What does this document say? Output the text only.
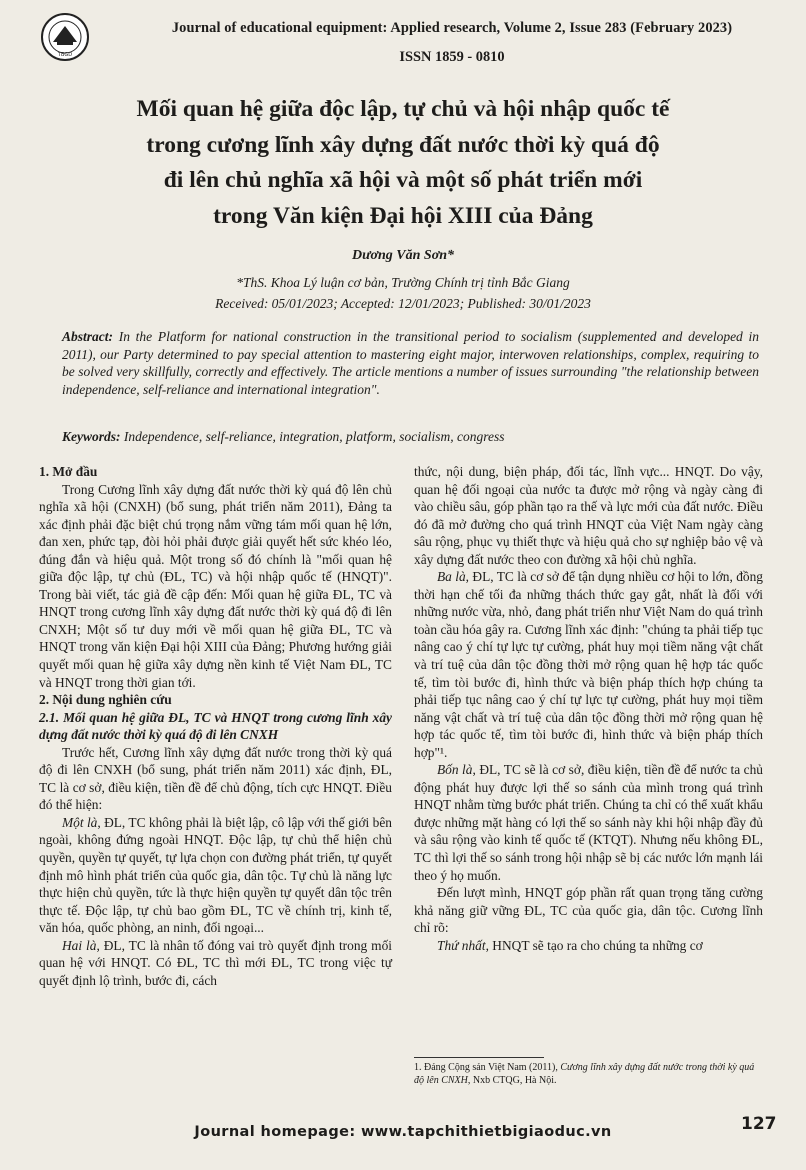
TBGD
Journal of educational equipment: Applied research, Volume 2, Issue 283 (February 2023)
ISSN 1859 - 0810
Mối quan hệ giữa độc lập, tự chủ và hội nhập quốc tế
trong cương lĩnh xây dựng đất nước thời kỳ quá độ
đi lên chủ nghĩa xã hội và một số phát triển mới
trong Văn kiện Đại hội XIII của Đảng
Dương Văn Sơn*
*ThS. Khoa Lý luận cơ bản, Trường Chính trị tỉnh Bắc Giang
Received: 05/01/2023; Accepted: 12/01/2023; Published: 30/01/2023

Abstract: In the Platform for national construction in the transitional period to socialism (supplemented and developed in 2011), our Party determined to pay special attention to mastering eight major, interwoven relationships, complex, requiring to be solved very skillfully, correctly and effectively. The article mentions a number of issues surrounding "the relationship between independence, self-reliance and international integration".

Keywords: Independence, self-reliance, integration, platform, socialism, congress

1. Mở đầu

Trong Cương lĩnh xây dựng đất nước thời kỳ quá độ lên chủ nghĩa xã hội (CNXH) (bổ sung, phát triển năm 2011), Đảng ta xác định phải đặc biệt chú trọng nắm vững tám mối quan hệ lớn, đan xen, phức tạp, đòi hỏi phải được giải quyết hết sức khéo léo, đúng đắn và hiệu quả. Một trong số đó chính là "mối quan hệ giữa độc lập, tự chủ (ĐL, TC) và hội nhập quốc tế (HNQT)". Trong bài viết, tác giả đề cập đến: Mối quan hệ giữa ĐL, TC và HNQT trong cương lĩnh xây dựng đất nước thời kỳ quá độ đi lên CNXH; Một số tư duy mới về mối quan hệ giữa ĐL, TC và HNQT trong văn kiện Đại hội XIII của Đảng; Phương hướng giải quyết mối quan hệ giữa xây dựng nền kinh tế Việt Nam ĐL, TC và HNQT trong thời gian tới.

2. Nội dung nghiên cứu
2.1. Mối quan hệ giữa ĐL, TC và HNQT trong cương lĩnh xây dựng đất nước thời kỳ quá độ đi lên CNXH

Trước hết, Cương lĩnh xây dựng đất nước trong thời kỳ quá độ đi lên CNXH (bổ sung, phát triển năm 2011) xác định, ĐL, TC là cơ sở, điều kiện, tiền đề để chủ động, tích cực HNQT. Điều đó thể hiện:

Một là, ĐL, TC không phải là biệt lập, cô lập với thế giới bên ngoài, không đứng ngoài HNQT. Độc lập, tự chủ thể hiện chủ quyền, quyền tự quyết, tự lựa chọn con đường phát triển, tự quyết định mô hình phát triển của quốc gia, dân tộc. Tự chủ là năng lực thực hiện chủ quyền, tức là thực hiện quyền tự quyết dân tộc trên thực tế. Độc lập, tự chủ bao gồm ĐL, TC về chính trị, kinh tế, văn hóa, quốc phòng, an ninh, đối ngoại...

Hai là, ĐL, TC là nhân tố đóng vai trò quyết định trong mối quan hệ với HNQT. Có ĐL, TC thì mới ĐL, TC trong việc tự quyết định lộ trình, bước đi, cách

thức, nội dung, biện pháp, đối tác, lĩnh vực... HNQT. Do vậy, quan hệ đối ngoại của nước ta được mở rộng và ngày càng đi vào chiều sâu, góp phần tạo ra thế và lực mới của đất nước. Điều đó đã mở đường cho quá trình HNQT của Việt Nam ngày càng sâu rộng, phục vụ thiết thực và hiệu quả cho sự nghiệp bảo vệ và xây dựng đất nước theo con đường xã hội chủ nghĩa.

Ba là, ĐL, TC là cơ sở để tận dụng nhiều cơ hội to lớn, đồng thời hạn chế tối đa những thách thức gay gắt, nhất là đối với những nước vừa, nhỏ, đang phát triển như Việt Nam do quá trình toàn cầu hóa gây ra. Cương lĩnh xác định: "chúng ta phải tiếp tục nâng cao ý chí tự lực tự cường, phát huy mọi tiềm năng vật chất và trí tuệ của dân tộc đồng thời mở rộng quan hệ hợp tác quốc tế, tìm tòi bước đi, hình thức và biện pháp thích hợp chúng ta phải tiếp tục nâng cao ý chí tự lực tự cường, phát huy mọi tiềm năng vật chất và trí tuệ của dân tộc đồng thời mở rộng quan hệ hợp tác quốc tế, tìm tòi bước đi, hình thức và biện pháp thích hợp"¹.

Bốn là, ĐL, TC sẽ là cơ sở, điều kiện, tiền đề để nước ta chủ động phát huy được lợi thế so sánh của mình trong quá trình HNQT nhằm từng bước phát triển. Chúng ta chỉ có thể xuất khẩu được những mặt hàng có lợi thế so sánh này khi hội nhập đầy đủ và sâu rộng vào kinh tế quốc tế (KTQT). Nhưng nếu không ĐL, TC thì lợi thế so sánh trong hội nhập sẽ bị các nước lớn mạnh lái theo ý họ muốn.

Đến lượt mình, HNQT góp phần rất quan trọng tăng cường khả năng giữ vững ĐL, TC của quốc gia, dân tộc. Cương lĩnh chỉ rõ:

Thứ nhất, HNQT sẽ tạo ra cho chúng ta những cơ

1. Đảng Cộng sản Việt Nam (2011), Cương lĩnh xây dựng đất nước trong thời kỳ quá độ lên CNXH, Nxb CTQG, Hà Nội.

Journal homepage: www.tapchithietbigiaoduc.vn	127
